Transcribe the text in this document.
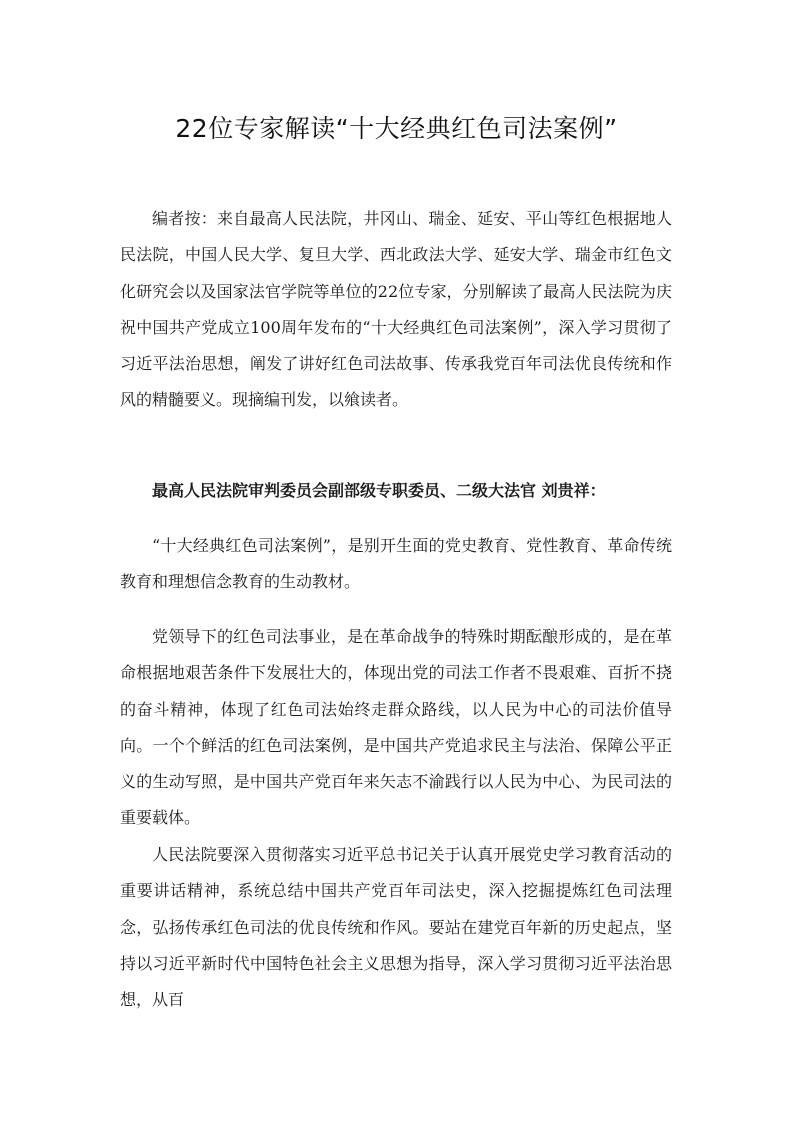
22位专家解读“十大经典红色司法案例”

编者按：来自最高人民法院，井冈山、瑞金、延安、平山等红色根据地人民法院，中国人民大学、复旦大学、西北政法大学、延安大学、瑞金市红色文化研究会以及国家法官学院等单位的22位专家，分别解读了最高人民法院为庆祝中国共产党成立100周年发布的“十大经典红色司法案例”，深入学习贯彻了习近平法治思想，阐发了讲好红色司法故事、传承我党百年司法优良传统和作风的精髓要义。现摘编刊发，以飨读者。

最高人民法院审判委员会副部级专职委员、二级大法官 刘贵祥：

“十大经典红色司法案例”，是别开生面的党史教育、党性教育、革命传统教育和理想信念教育的生动教材。

党领导下的红色司法事业，是在革命战争的特殊时期酝酿形成的，是在革命根据地艰苦条件下发展壮大的，体现出党的司法工作者不畏艰难、百折不挠的奋斗精神，体现了红色司法始终走群众路线，以人民为中心的司法价值导向。一个个鲜活的红色司法案例，是中国共产党追求民主与法治、保障公平正义的生动写照，是中国共产党百年来矢志不渝践行以人民为中心、为民司法的重要载体。

人民法院要深入贯彻落实习近平总书记关于认真开展党史学习教育活动的重要讲话精神，系统总结中国共产党百年司法史，深入挖掘提炼红色司法理念，弘扬传承红色司法的优良传统和作风。要站在建党百年新的历史起点，坚持以习近平新时代中国特色社会主义思想为指导，深入学习贯彻习近平法治思想，从百
